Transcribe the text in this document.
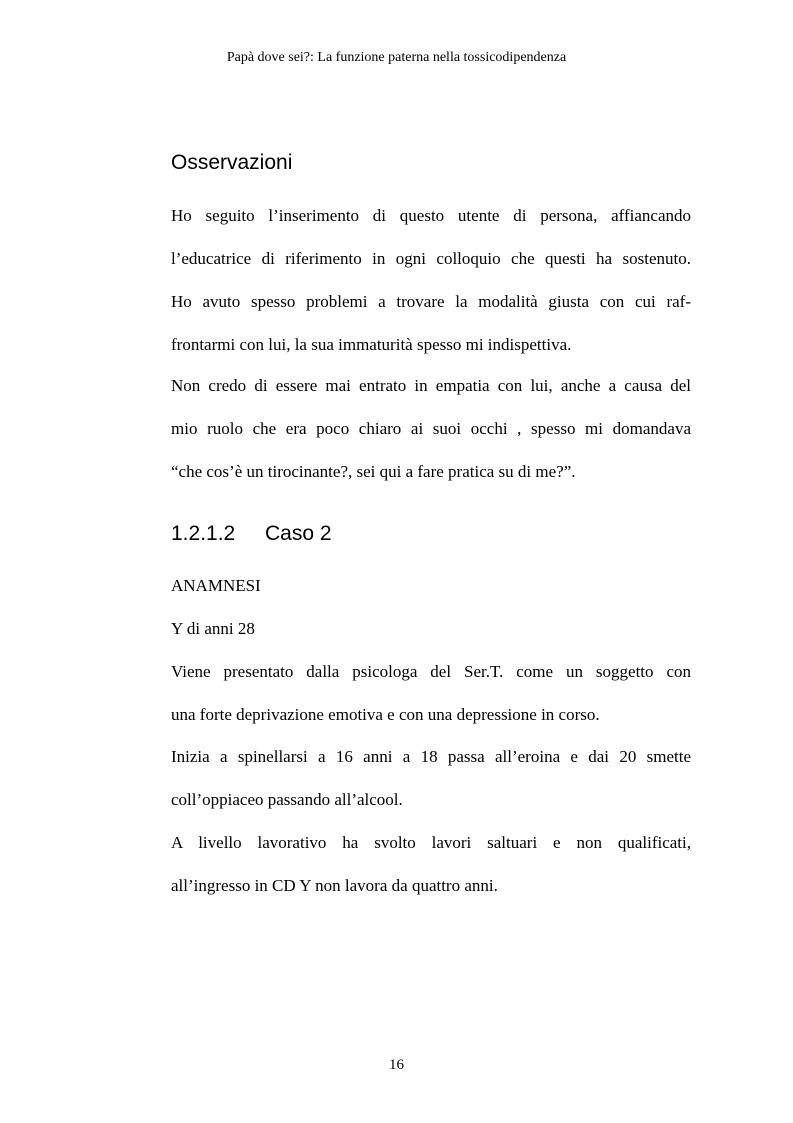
Papà dove sei?: La funzione paterna nella tossicodipendenza
Osservazioni
Ho seguito l’inserimento di questo utente di persona, affiancando
l’educatrice di riferimento in ogni colloquio che questi ha sostenuto.
Ho avuto spesso problemi a trovare la modalità giusta con cui raf-
frontarmi con lui, la sua immaturità spesso mi indispettiva.
Non credo di essere mai entrato in empatia con lui, anche a causa del
mio ruolo che era poco chiaro ai suoi occhi , spesso mi domandava
“che cos’è un tirocinante?, sei qui a fare pratica su di me?”.
1.2.1.2 Caso 2
ANAMNESI
Y di anni 28
Viene presentato dalla psicologa del Ser.T. come un soggetto con
una forte deprivazione emotiva e con una depressione in corso.
Inizia a spinellarsi a 16 anni a 18 passa all’eroina e dai 20 smette
coll’oppiaceo passando all’alcool.
A livello lavorativo ha svolto lavori saltuari e non qualificati,
all’ingresso in CD Y non lavora da quattro anni.
16
